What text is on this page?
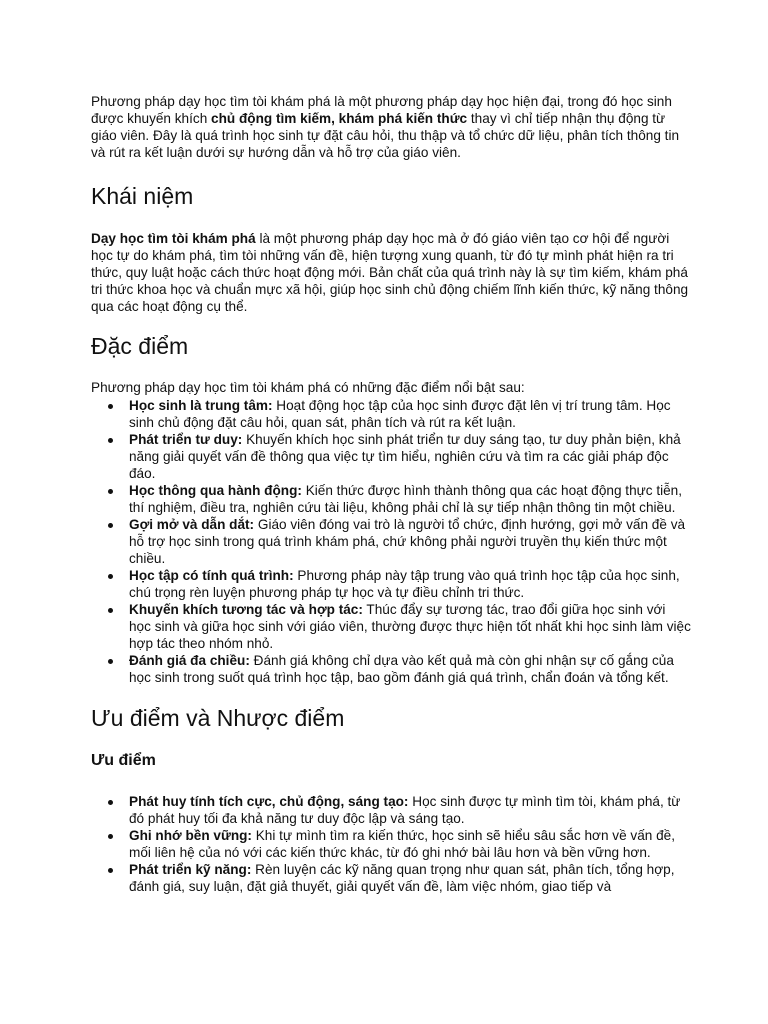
Phương pháp dạy học tìm tòi khám phá là một phương pháp dạy học hiện đại, trong đó học sinh được khuyến khích chủ động tìm kiếm, khám phá kiến thức thay vì chỉ tiếp nhận thụ động từ giáo viên. Đây là quá trình học sinh tự đặt câu hỏi, thu thập và tổ chức dữ liệu, phân tích thông tin và rút ra kết luận dưới sự hướng dẫn và hỗ trợ của giáo viên.

Khái niệm

Dạy học tìm tòi khám phá là một phương pháp dạy học mà ở đó giáo viên tạo cơ hội để người học tự do khám phá, tìm tòi những vấn đề, hiện tượng xung quanh, từ đó tự mình phát hiện ra tri thức, quy luật hoặc cách thức hoạt động mới. Bản chất của quá trình này là sự tìm kiếm, khám phá tri thức khoa học và chuẩn mực xã hội, giúp học sinh chủ động chiếm lĩnh kiến thức, kỹ năng thông qua các hoạt động cụ thể.

Đặc điểm

Phương pháp dạy học tìm tòi khám phá có những đặc điểm nổi bật sau:

Học sinh là trung tâm: Hoạt động học tập của học sinh được đặt lên vị trí trung tâm. Học sinh chủ động đặt câu hỏi, quan sát, phân tích và rút ra kết luận.
Phát triển tư duy: Khuyến khích học sinh phát triển tư duy sáng tạo, tư duy phản biện, khả năng giải quyết vấn đề thông qua việc tự tìm hiểu, nghiên cứu và tìm ra các giải pháp độc đáo.
Học thông qua hành động: Kiến thức được hình thành thông qua các hoạt động thực tiễn, thí nghiệm, điều tra, nghiên cứu tài liệu, không phải chỉ là sự tiếp nhận thông tin một chiều.
Gợi mở và dẫn dắt: Giáo viên đóng vai trò là người tổ chức, định hướng, gợi mở vấn đề và hỗ trợ học sinh trong quá trình khám phá, chứ không phải người truyền thụ kiến thức một chiều.
Học tập có tính quá trình: Phương pháp này tập trung vào quá trình học tập của học sinh, chú trọng rèn luyện phương pháp tự học và tự điều chỉnh tri thức.
Khuyến khích tương tác và hợp tác: Thúc đẩy sự tương tác, trao đổi giữa học sinh với học sinh và giữa học sinh với giáo viên, thường được thực hiện tốt nhất khi học sinh làm việc hợp tác theo nhóm nhỏ.
Đánh giá đa chiều: Đánh giá không chỉ dựa vào kết quả mà còn ghi nhận sự cố gắng của học sinh trong suốt quá trình học tập, bao gồm đánh giá quá trình, chẩn đoán và tổng kết.
Ưu điểm và Nhược điểm
Ưu điểm
Phát huy tính tích cực, chủ động, sáng tạo: Học sinh được tự mình tìm tòi, khám phá, từ đó phát huy tối đa khả năng tư duy độc lập và sáng tạo.
Ghi nhớ bền vững: Khi tự mình tìm ra kiến thức, học sinh sẽ hiểu sâu sắc hơn về vấn đề, mối liên hệ của nó với các kiến thức khác, từ đó ghi nhớ bài lâu hơn và bền vững hơn.
Phát triển kỹ năng: Rèn luyện các kỹ năng quan trọng như quan sát, phân tích, tổng hợp, đánh giá, suy luận, đặt giả thuyết, giải quyết vấn đề, làm việc nhóm, giao tiếp và
